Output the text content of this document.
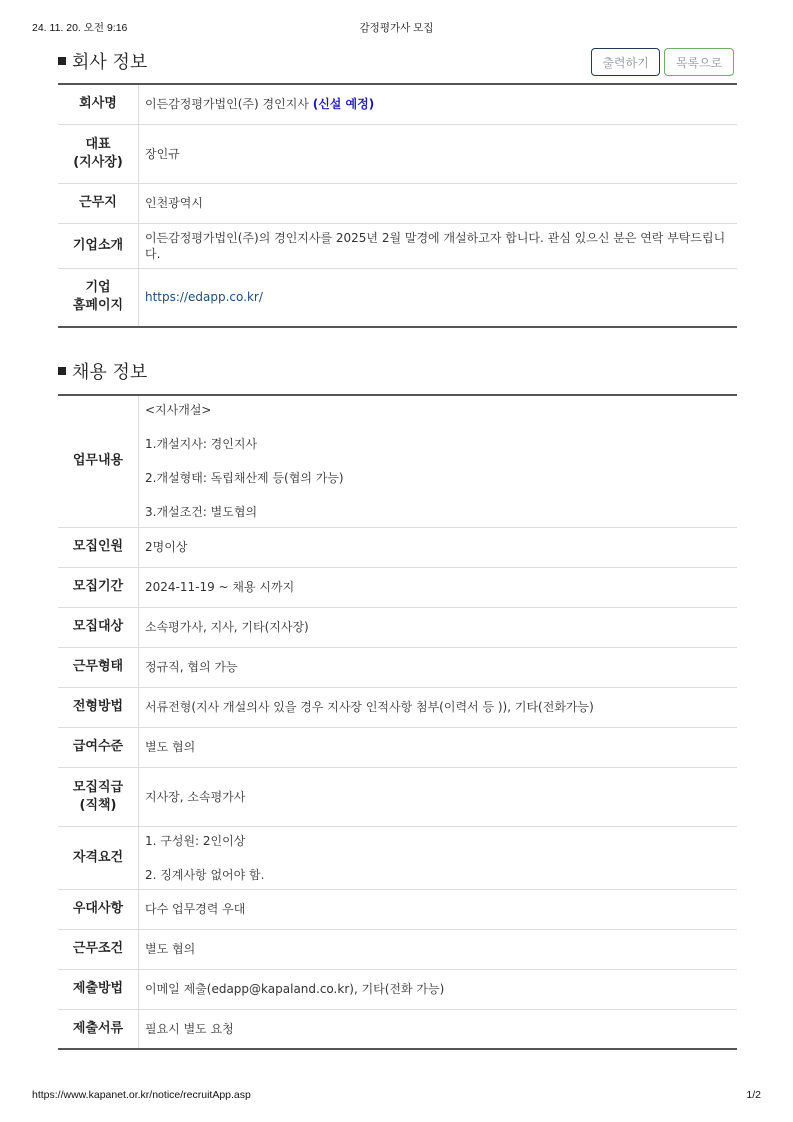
24. 11. 20. 오전 9:16	감정평가사 모집
회사 정보	출력하기	목록으로
회사명	이든감정평가법인(주) 경인지사 (신설 예정)

대표
(지사장)	장인규
근무지	인천광역시
기업소개	이든감정평가법인(주)의 경인지사를 2025년 2월 말경에 개설하고자 합니다. 관심 있으신 분은 연락 부탁드립니다.

기업
홈페이지	https://edapp.co.kr/
채용 정보
업무내용	<지사개설>

1.개설지사: 경인지사

2.개설형태: 독립채산제 등(협의 가능)

3.개설조건: 별도협의

모집인원	2명이상
모집기간	2024-11-19 ~ 채용 시까지
모집대상	소속평가사, 지사, 기타(지사장)
근무형태	정규직, 협의 가능
전형방법	서류전형(지사 개설의사 있을 경우 지사장 인적사항 첨부(이력서 등 )), 기타(전화가능)
급여수준	별도 협의

모집직급
(직책)	지사장, 소속평가사
자격요건	1. 구성원: 2인이상

2. 징계사항 없어야 함.

우대사항	다수 업무경력 우대
근무조건	별도 협의
제출방법	이메일 제출(edapp@kapaland.co.kr), 기타(전화 가능)
제출서류	필요시 별도 요청
https://www.kapanet.or.kr/notice/recruitApp.asp	1/2
